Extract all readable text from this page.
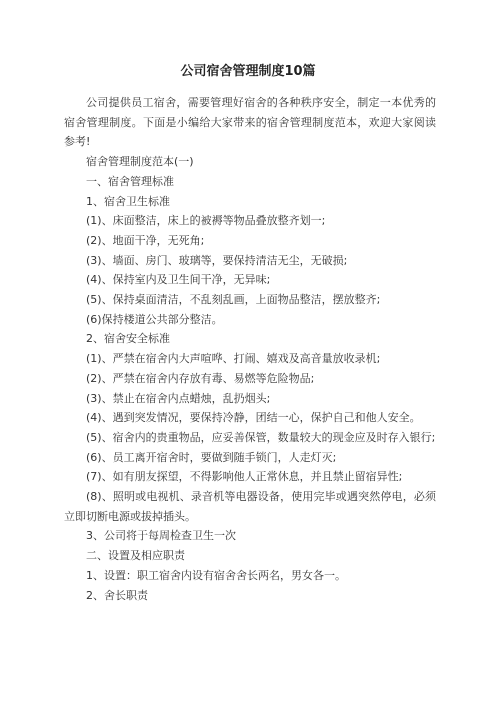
公司宿舍管理制度10篇

公司提供员工宿舍，需要管理好宿舍的各种秩序安全，制定一本优秀的宿舍管理制度。下面是小编给大家带来的宿舍管理制度范本，欢迎大家阅读参考!

宿舍管理制度范本(一)

一、宿舍管理标准

1、宿舍卫生标准

(1)、床面整洁，床上的被褥等物品叠放整齐划一;

(2)、地面干净，无死角;

(3)、墙面、房门、玻璃等，要保持清洁无尘，无破损;

(4)、保持室内及卫生间干净，无异味;

(5)、保持桌面清洁，不乱刻乱画，上面物品整洁，摆放整齐;

(6)保持楼道公共部分整洁。

2、宿舍安全标准

(1)、严禁在宿舍内大声喧哗、打闹、嬉戏及高音量放收录机;

(2)、严禁在宿舍内存放有毒、易燃等危险物品;

(3)、禁止在宿舍内点蜡烛，乱扔烟头;

(4)、遇到突发情况，要保持冷静，团结一心，保护自己和他人安全。

(5)、宿舍内的贵重物品，应妥善保管，数量较大的现金应及时存入银行;

(6)、员工离开宿舍时，要做到随手锁门，人走灯灭;

(7)、如有朋友探望，不得影响他人正常休息，并且禁止留宿异性;

(8)、照明或电视机、录音机等电器设备，使用完毕或遇突然停电，必须立即切断电源或拔掉插头。

3、公司将于每周检查卫生一次

二、设置及相应职责

1、设置：职工宿舍内设有宿舍舍长两名，男女各一。

2、舍长职责
